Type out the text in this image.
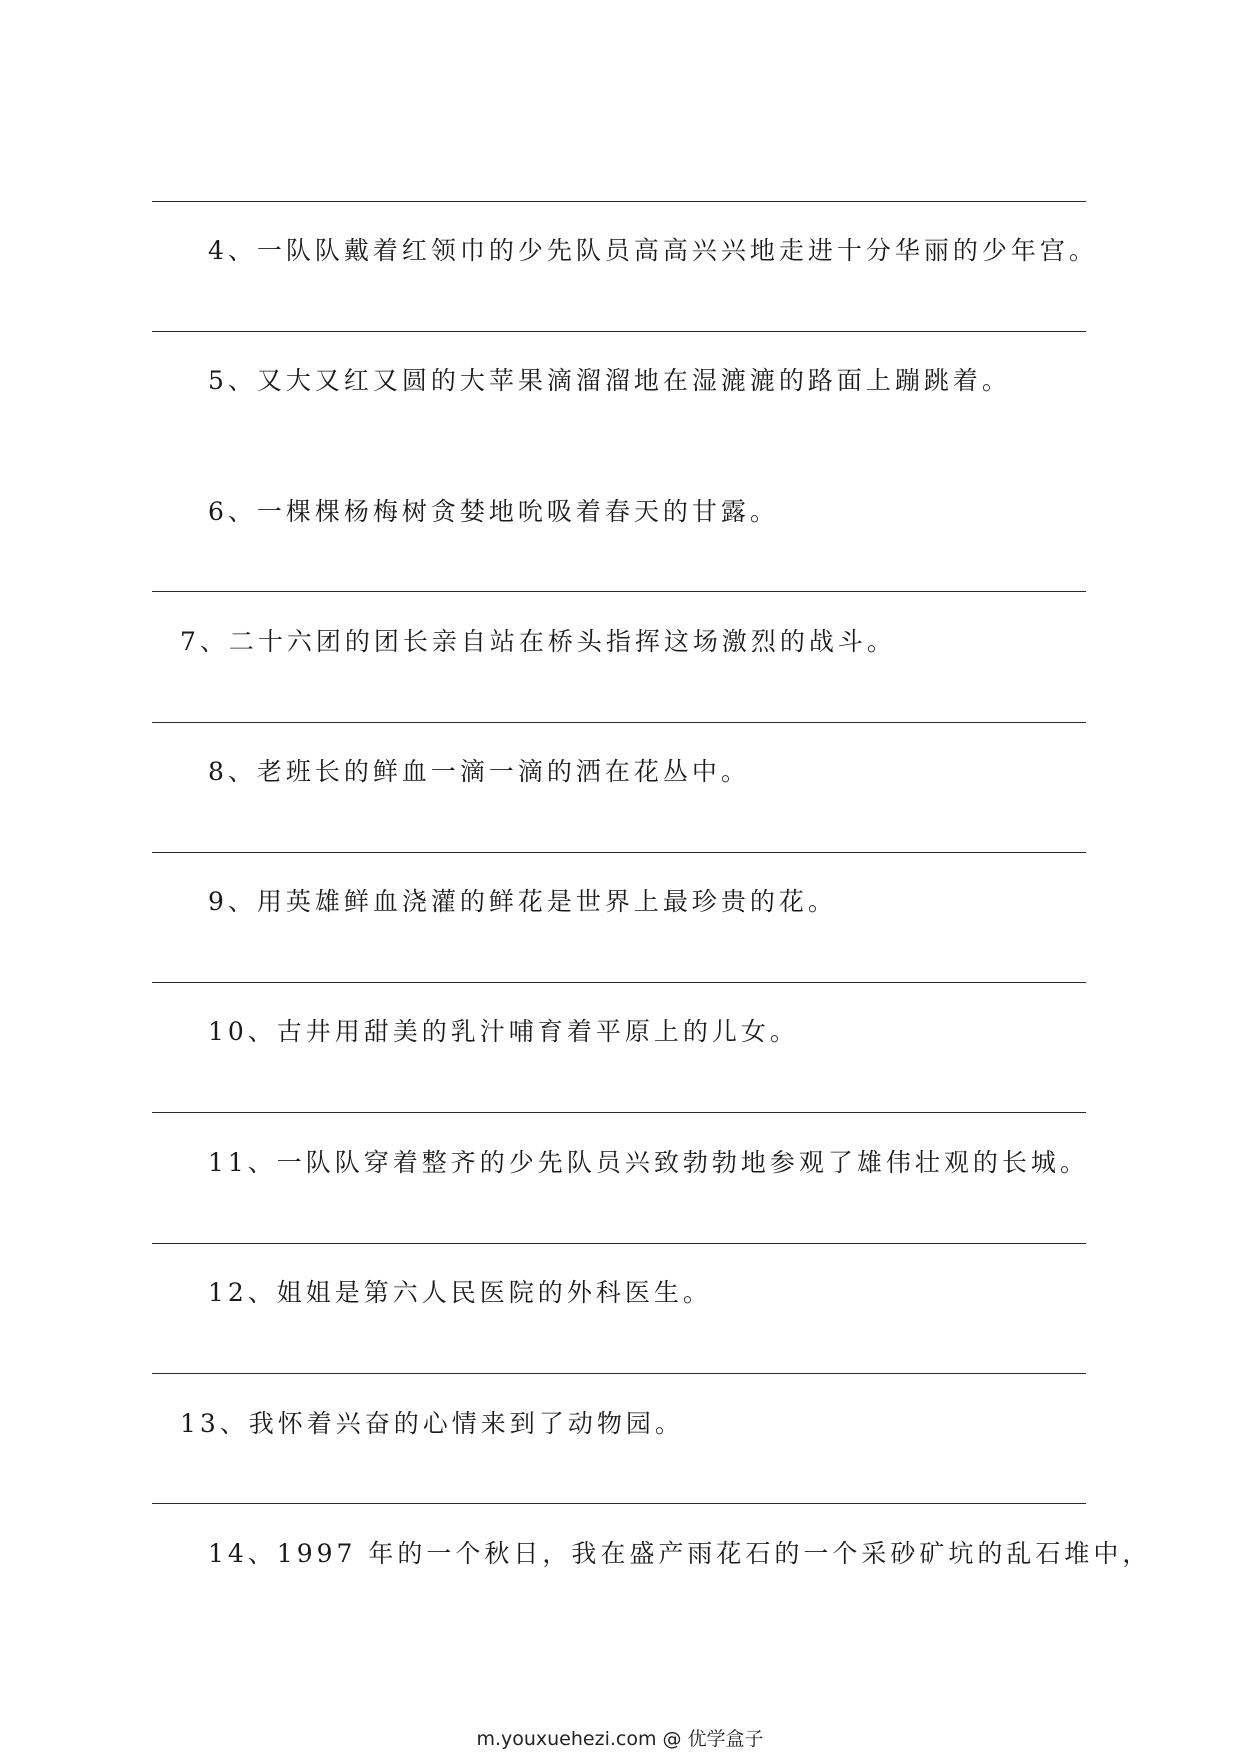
4、一队队戴着红领巾的少先队员高高兴兴地走进十分华丽的少年宫。
5、又大又红又圆的大苹果滴溜溜地在湿漉漉的路面上蹦跳着。
6、一棵棵杨梅树贪婪地吮吸着春天的甘露。
7、二十六团的团长亲自站在桥头指挥这场激烈的战斗。
8、老班长的鲜血一滴一滴的洒在花丛中。
9、用英雄鲜血浇灌的鲜花是世界上最珍贵的花。
10、古井用甜美的乳汁哺育着平原上的儿女。
11、一队队穿着整齐的少先队员兴致勃勃地参观了雄伟壮观的长城。
12、姐姐是第六人民医院的外科医生。
13、我怀着兴奋的心情来到了动物园。
14、1997 年的一个秋日，我在盛产雨花石的一个采砂矿坑的乱石堆中，
m.youxuehezi.com @ 优学盒子
